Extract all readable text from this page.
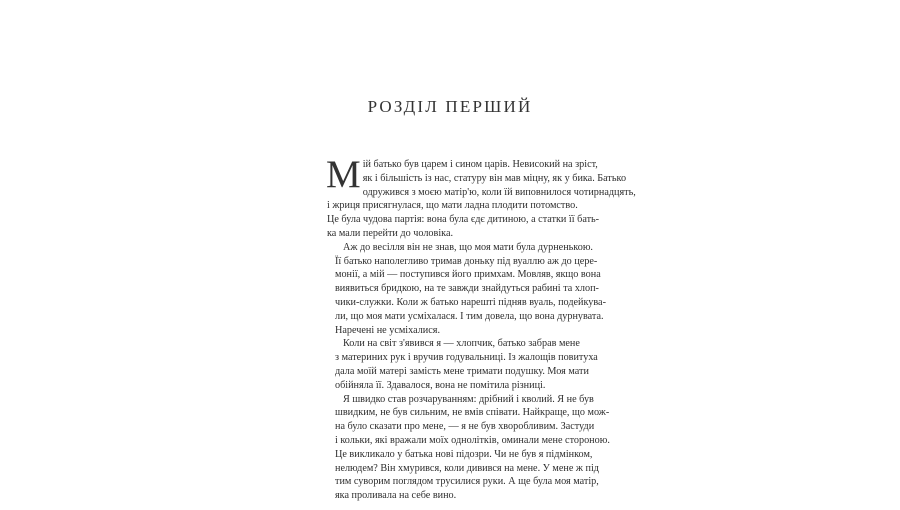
РОЗДІЛ ПЕРШИЙ
М ій батько був царем і сином царів. Невисокий на зріст,
як і більшість із нас, статуру він мав міцну, як у бика. Батько
одружився з моєю матір'ю, коли їй виповнилося чотирнадцять,
і жриця присягнулася, що мати ладна плодити потомство.
Це була чудова партія: вона була єдє дитиною, а статки її бать-
ка мали перейти до чоловіка.
Аж до весілля він не знав, що моя мати була дурненькою.
Її батько наполегливо тримав доньку під вуаллю аж до цере-
монії, а мій — поступився його примхам. Мовляв, якщо вона
виявиться бридкою, на те завжди знайдуться рабині та хлоп-
чики-служки. Коли ж батько нарешті підняв вуаль, подейкува-
ли, що моя мати усміхалася. І тим довела, що вона дурнувата.
Наречені не усміхалися.
Коли на світ з'явився я — хлопчик, батько забрав мене
з материних рук і вручив годувальниці. Із жалощів повитуха
дала моїй матері замість мене тримати подушку. Моя мати
обійняла її. Здавалося, вона не помітила різниці.
Я швидко став розчаруванням: дрібний і кволий. Я не був
швидким, не був сильним, не вмів співати. Найкраще, що мож-
на було сказати про мене, — я не був хворобливим. Застуди
і кольки, які вражали моїх однолітків, оминали мене стороною.
Це викликало у батька нові підозри. Чи не був я підмінком,
нелюдем? Він хмурився, коли дивився на мене. У мене ж під
тим суворим поглядом трусилися руки. А ще була моя матір,
яка проливала на себе вино.
